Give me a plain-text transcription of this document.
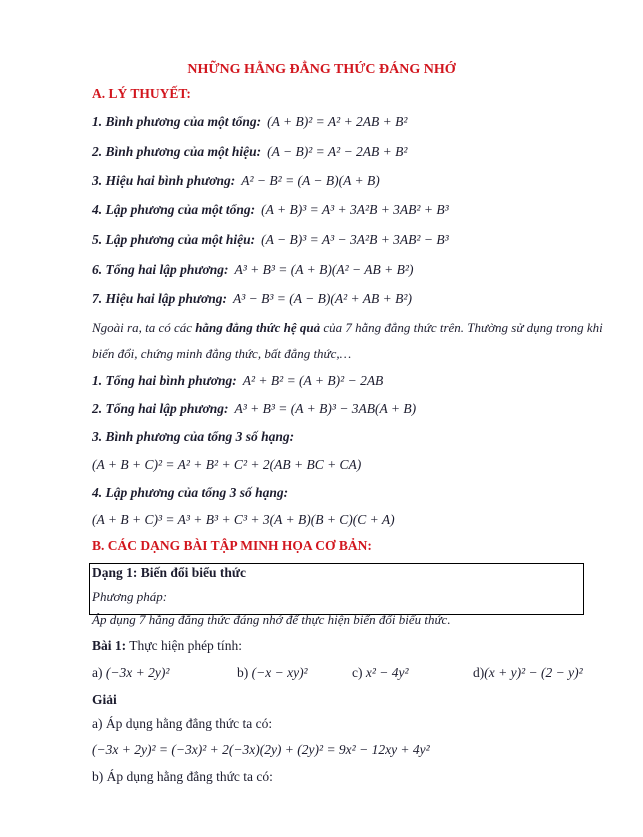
NHỮNG HẰNG ĐẲNG THỨC ĐÁNG NHỚ
A. LÝ THUYẾT:
1. Bình phương của một tổng: (A + B)² = A² + 2AB + B²
2. Bình phương của một hiệu: (A − B)² = A² − 2AB + B²
3. Hiệu hai bình phương: A² − B² = (A − B)(A + B)
4. Lập phương của một tổng: (A + B)³ = A³ + 3A²B + 3AB² + B³
5. Lập phương của một hiệu: (A − B)³ = A³ − 3A²B + 3AB² − B³
6. Tổng hai lập phương: A³ + B³ = (A + B)(A² − AB + B²)
7. Hiệu hai lập phương: A³ − B³ = (A − B)(A² + AB + B²)
Ngoài ra, ta có các hằng đẳng thức hệ quả của 7 hằng đẳng thức trên. Thường sử dụng trong khi
biến đổi, chứng minh đẳng thức, bất đẳng thức,…
1. Tổng hai bình phương: A² + B² = (A + B)² − 2AB
2. Tổng hai lập phương: A³ + B³ = (A + B)³ − 3AB(A + B)
3. Bình phương của tổng 3 số hạng:
(A + B + C)² = A² + B² + C² + 2(AB + BC + CA)
4. Lập phương của tổng 3 số hạng:
(A + B + C)³ = A³ + B³ + C³ + 3(A + B)(B + C)(C + A)
B. CÁC DẠNG BÀI TẬP MINH HỌA CƠ BẢN:
Dạng 1: Biến đổi biểu thức
Phương pháp:
Áp dụng 7 hằng đẳng thức đáng nhớ để thực hiện biến đổi biểu thức.
Bài 1: Thực hiện phép tính:
a) (−3x + 2y)²	b) (−x − xy)²	c) x² − 4y²	d)(x + y)² − (2 − y)²
Giải
a) Áp dụng hằng đẳng thức ta có:
(−3x + 2y)² = (−3x)² + 2(−3x)(2y) + (2y)² = 9x² − 12xy + 4y²
b) Áp dụng hằng đẳng thức ta có:
